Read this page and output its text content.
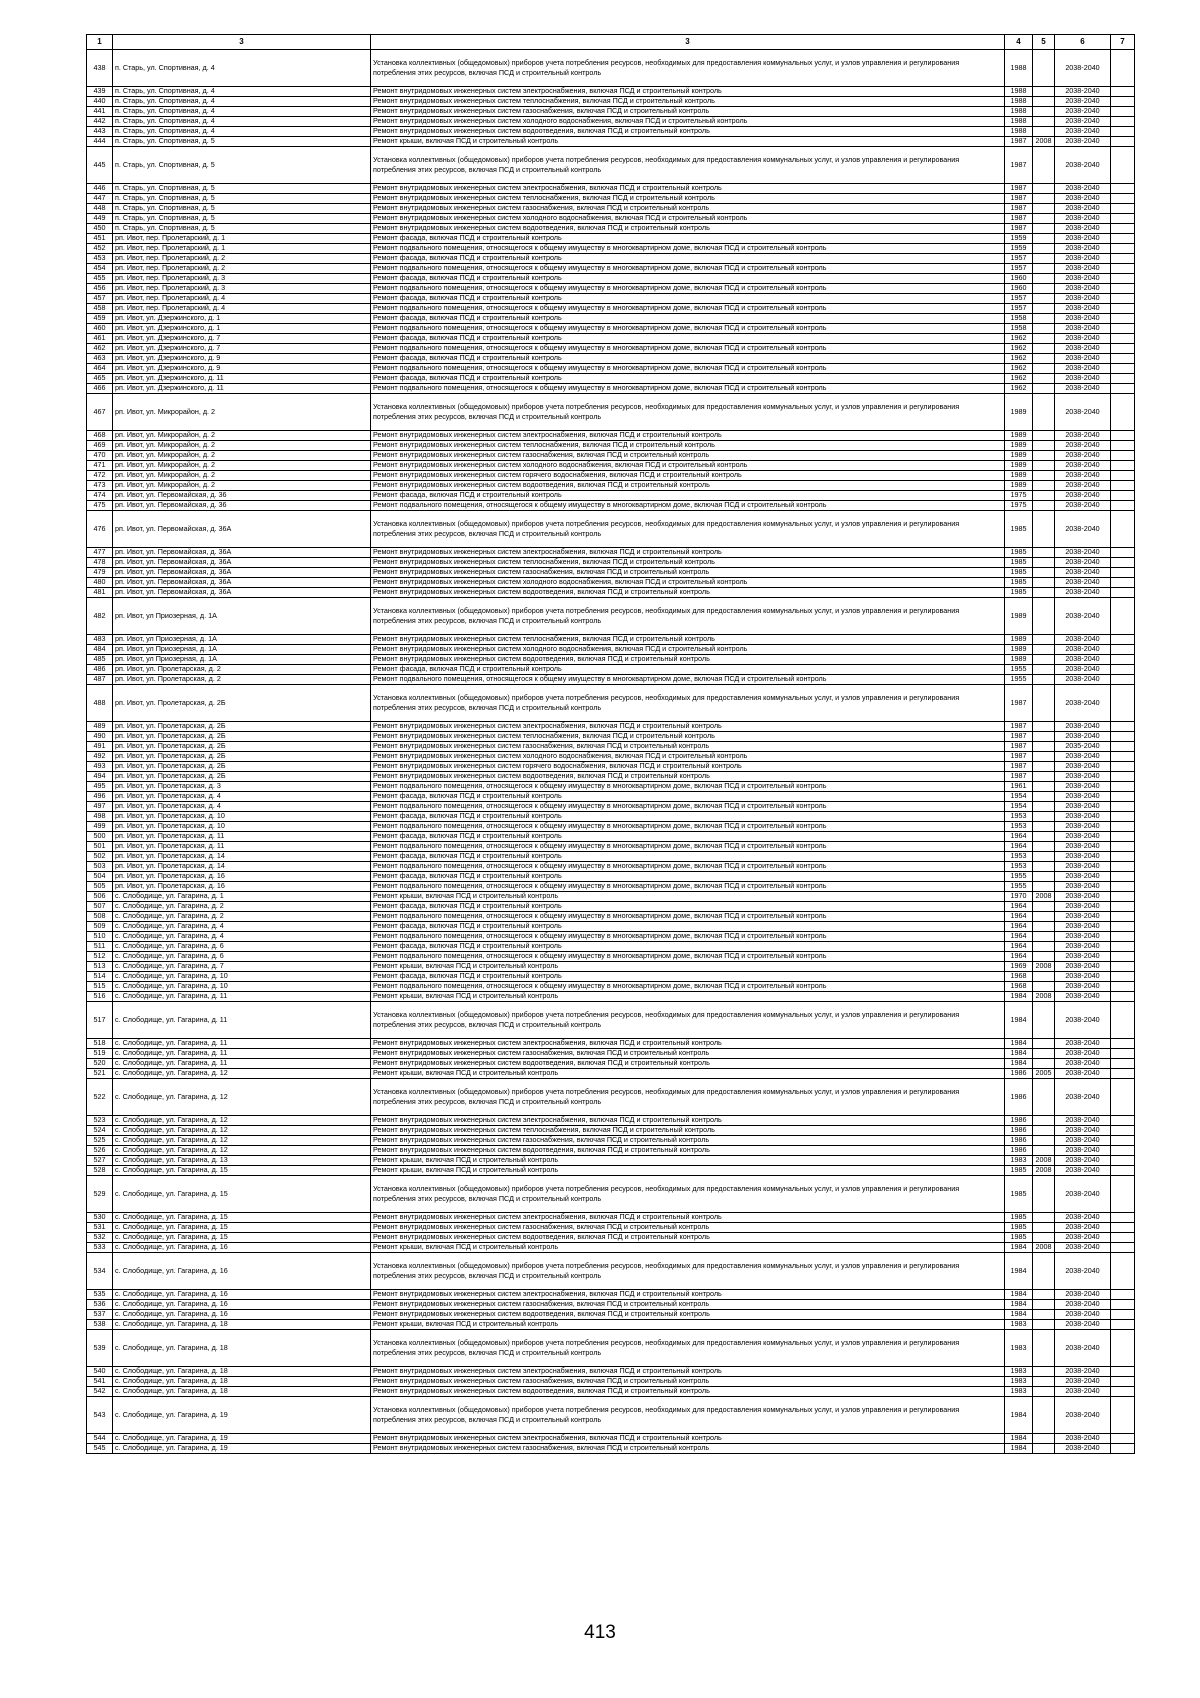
1	3	3	4	5	6	7
438	п. Старь, ул. Спортивная, д. 4	Установка коллективных (общедомовых) приборов учета потребления ресурсов, необходимых для предоставления коммунальных услуг, и узлов управления и регулирования потребления этих ресурсов, включая ПСД и строительный контроль	1988		2038-2040	
439	п. Старь, ул. Спортивная, д. 4	Ремонт внутридомовых инженерных систем электроснабжения, включая ПСД и строительный контроль	1988		2038-2040	
440	п. Старь, ул. Спортивная, д. 4	Ремонт внутридомовых инженерных систем теплоснабжения, включая ПСД и строительный контроль	1988		2038-2040	
441	п. Старь, ул. Спортивная, д. 4	Ремонт внутридомовых инженерных систем газоснабжения, включая ПСД и строительный контроль	1988		2038-2040	
442	п. Старь, ул. Спортивная, д. 4	Ремонт внутридомовых инженерных систем холодного водоснабжения, включая ПСД и строительный контроль	1988		2038-2040	
443	п. Старь, ул. Спортивная, д. 4	Ремонт внутридомовых инженерных систем водоотведения, включая ПСД и строительный контроль	1988		2038-2040	
444	п. Старь, ул. Спортивная, д. 5	Ремонт крыши, включая ПСД и строительный контроль	1987	2008	2038-2040	
445	п. Старь, ул. Спортивная, д. 5	Установка коллективных (общедомовых) приборов учета потребления ресурсов, необходимых для предоставления коммунальных услуг, и узлов управления и регулирования потребления этих ресурсов, включая ПСД и строительный контроль	1987		2038-2040	
446	п. Старь, ул. Спортивная, д. 5	Ремонт внутридомовых инженерных систем электроснабжения, включая ПСД и строительный контроль	1987		2038-2040	
447	п. Старь, ул. Спортивная, д. 5	Ремонт внутридомовых инженерных систем теплоснабжения, включая ПСД и строительный контроль	1987		2038-2040	
448	п. Старь, ул. Спортивная, д. 5	Ремонт внутридомовых инженерных систем газоснабжения, включая ПСД и строительный контроль	1987		2038-2040	
449	п. Старь, ул. Спортивная, д. 5	Ремонт внутридомовых инженерных систем холодного водоснабжения, включая ПСД и строительный контроль	1987		2038-2040	
450	п. Старь, ул. Спортивная, д. 5	Ремонт внутридомовых инженерных систем водоотведения, включая ПСД и строительный контроль	1987		2038-2040	
451	рп. Ивот, пер. Пролетарский, д. 1	Ремонт фасада, включая ПСД и строительный контроль	1959		2038-2040	
452	рп. Ивот, пер. Пролетарский, д. 1	Ремонт подвального помещения, относящегося к общему имуществу в многоквартирном доме, включая ПСД и строительный контроль	1959		2038-2040	
453	рп. Ивот, пер. Пролетарский, д. 2	Ремонт фасада, включая ПСД и строительный контроль	1957		2038-2040	
454	рп. Ивот, пер. Пролетарский, д. 2	Ремонт подвального помещения, относящегося к общему имуществу в многоквартирном доме, включая ПСД и строительный контроль	1957		2038-2040	
455	рп. Ивот, пер. Пролетарский, д. 3	Ремонт фасада, включая ПСД и строительный контроль	1960		2038-2040	
456	рп. Ивот, пер. Пролетарский, д. 3	Ремонт подвального помещения, относящегося к общему имуществу в многоквартирном доме, включая ПСД и строительный контроль	1960		2038-2040	
457	рп. Ивот, пер. Пролетарский, д. 4	Ремонт фасада, включая ПСД и строительный контроль	1957		2038-2040	
458	рп. Ивот, пер. Пролетарский, д. 4	Ремонт подвального помещения, относящегося к общему имуществу в многоквартирном доме, включая ПСД и строительный контроль	1957		2038-2040	
459	рп. Ивот, ул. Дзержинского, д. 1	Ремонт фасада, включая ПСД и строительный контроль	1958		2038-2040	
460	рп. Ивот, ул. Дзержинского, д. 1	Ремонт подвального помещения, относящегося к общему имуществу в многоквартирном доме, включая ПСД и строительный контроль	1958		2038-2040	
461	рп. Ивот, ул. Дзержинского, д. 7	Ремонт фасада, включая ПСД и строительный контроль	1962		2038-2040	
462	рп. Ивот, ул. Дзержинского, д. 7	Ремонт подвального помещения, относящегося к общему имуществу в многоквартирном доме, включая ПСД и строительный контроль	1962		2038-2040	
463	рп. Ивот, ул. Дзержинского, д. 9	Ремонт фасада, включая ПСД и строительный контроль	1962		2038-2040	
464	рп. Ивот, ул. Дзержинского, д. 9	Ремонт подвального помещения, относящегося к общему имуществу в многоквартирном доме, включая ПСД и строительный контроль	1962		2038-2040	
465	рп. Ивот, ул. Дзержинского, д. 11	Ремонт фасада, включая ПСД и строительный контроль	1962		2038-2040	
466	рп. Ивот, ул. Дзержинского, д. 11	Ремонт подвального помещения, относящегося к общему имуществу в многоквартирном доме, включая ПСД и строительный контроль	1962		2038-2040	
467	рп. Ивот, ул. Микрорайон, д. 2	Установка коллективных (общедомовых) приборов учета потребления ресурсов, необходимых для предоставления коммунальных услуг, и узлов управления и регулирования потребления этих ресурсов, включая ПСД и строительный контроль	1989		2038-2040	
468	рп. Ивот, ул. Микрорайон, д. 2	Ремонт внутридомовых инженерных систем электроснабжения, включая ПСД и строительный контроль	1989		2038-2040	
469	рп. Ивот, ул. Микрорайон, д. 2	Ремонт внутридомовых инженерных систем теплоснабжения, включая ПСД и строительный контроль	1989		2038-2040	
470	рп. Ивот, ул. Микрорайон, д. 2	Ремонт внутридомовых инженерных систем газоснабжения, включая ПСД и строительный контроль	1989		2038-2040	
471	рп. Ивот, ул. Микрорайон, д. 2	Ремонт внутридомовых инженерных систем холодного водоснабжения, включая ПСД и строительный контроль	1989		2038-2040	
472	рп. Ивот, ул. Микрорайон, д. 2	Ремонт внутридомовых инженерных систем горячего водоснабжения, включая ПСД и строительный контроль	1989		2038-2040	
473	рп. Ивот, ул. Микрорайон, д. 2	Ремонт внутридомовых инженерных систем водоотведения, включая ПСД и строительный контроль	1989		2038-2040	
474	рп. Ивот, ул. Первомайская, д. 36	Ремонт фасада, включая ПСД и строительный контроль	1975		2038-2040	
475	рп. Ивот, ул. Первомайская, д. 36	Ремонт подвального помещения, относящегося к общему имуществу в многоквартирном доме, включая ПСД и строительный контроль	1975		2038-2040	
476	рп. Ивот, ул. Первомайская, д. 36А	Установка коллективных (общедомовых) приборов учета потребления ресурсов, необходимых для предоставления коммунальных услуг, и узлов управления и регулирования потребления этих ресурсов, включая ПСД и строительный контроль	1985		2038-2040	
477	рп. Ивот, ул. Первомайская, д. 36А	Ремонт внутридомовых инженерных систем электроснабжения, включая ПСД и строительный контроль	1985		2038-2040	
478	рп. Ивот, ул. Первомайская, д. 36А	Ремонт внутридомовых инженерных систем теплоснабжения, включая ПСД и строительный контроль	1985		2038-2040	
479	рп. Ивот, ул. Первомайская, д. 36А	Ремонт внутридомовых инженерных систем газоснабжения, включая ПСД и строительный контроль	1985		2038-2040	
480	рп. Ивот, ул. Первомайская, д. 36А	Ремонт внутридомовых инженерных систем холодного водоснабжения, включая ПСД и строительный контроль	1985		2038-2040	
481	рп. Ивот, ул. Первомайская, д. 36А	Ремонт внутридомовых инженерных систем водоотведения, включая ПСД и строительный контроль	1985		2038-2040	
482	рп. Ивот, ул Приозерная, д. 1А	Установка коллективных (общедомовых) приборов учета потребления ресурсов, необходимых для предоставления коммунальных услуг, и узлов управления и регулирования потребления этих ресурсов, включая ПСД и строительный контроль	1989		2038-2040	
483	рп. Ивот, ул Приозерная, д. 1А	Ремонт внутридомовых инженерных систем теплоснабжения, включая ПСД и строительный контроль	1989		2038-2040	
484	рп. Ивот, ул Приозерная, д. 1А	Ремонт внутридомовых инженерных систем холодного водоснабжения, включая ПСД и строительный контроль	1989		2038-2040	
485	рп. Ивот, ул Приозерная, д. 1А	Ремонт внутридомовых инженерных систем водоотведения, включая ПСД и строительный контроль	1989		2038-2040	
486	рп. Ивот, ул. Пролетарская, д. 2	Ремонт фасада, включая ПСД и строительный контроль	1955		2038-2040	
487	рп. Ивот, ул. Пролетарская, д. 2	Ремонт подвального помещения, относящегося к общему имуществу в многоквартирном доме, включая ПСД и строительный контроль	1955		2038-2040	
488	рп. Ивот, ул. Пролетарская, д. 2Б	Установка коллективных (общедомовых) приборов учета потребления ресурсов, необходимых для предоставления коммунальных услуг, и узлов управления и регулирования потребления этих ресурсов, включая ПСД и строительный контроль	1987		2038-2040	
489	рп. Ивот, ул. Пролетарская, д. 2Б	Ремонт внутридомовых инженерных систем электроснабжения, включая ПСД и строительный контроль	1987		2038-2040	
490	рп. Ивот, ул. Пролетарская, д. 2Б	Ремонт внутридомовых инженерных систем теплоснабжения, включая ПСД и строительный контроль	1987		2038-2040	
491	рп. Ивот, ул. Пролетарская, д. 2Б	Ремонт внутридомовых инженерных систем газоснабжения, включая ПСД и строительный контроль	1987		2035-2040	
492	рп. Ивот, ул. Пролетарская, д. 2Б	Ремонт внутридомовых инженерных систем холодного водоснабжения, включая ПСД и строительный контроль	1987		2038-2040	
493	рп. Ивот, ул. Пролетарская, д. 2Б	Ремонт внутридомовых инженерных систем горячего водоснабжения, включая ПСД и строительный контроль	1987		2038-2040	
494	рп. Ивот, ул. Пролетарская, д. 2Б	Ремонт внутридомовых инженерных систем водоотведения, включая ПСД и строительный контроль	1987		2038-2040	
495	рп. Ивот, ул. Пролетарская, д. 3	Ремонт подвального помещения, относящегося к общему имуществу в многоквартирном доме, включая ПСД и строительный контроль	1961		2038-2040	
496	рп. Ивот, ул. Пролетарская, д. 4	Ремонт фасада, включая ПСД и строительный контроль	1954		2038-2040	
497	рп. Ивот, ул. Пролетарская, д. 4	Ремонт подвального помещения, относящегося к общему имуществу в многоквартирном доме, включая ПСД и строительный контроль	1954		2038-2040	
498	рп. Ивот, ул. Пролетарская, д. 10	Ремонт фасада, включая ПСД и строительный контроль	1953		2038-2040	
499	рп. Ивот, ул. Пролетарская, д. 10	Ремонт подвального помещения, относящегося к общему имуществу в многоквартирном доме, включая ПСД и строительный контроль	1953		2038-2040	
500	рп. Ивот, ул. Пролетарская, д. 11	Ремонт фасада, включая ПСД и строительный контроль	1964		2038-2040	
501	рп. Ивот, ул. Пролетарская, д. 11	Ремонт подвального помещения, относящегося к общему имуществу в многоквартирном доме, включая ПСД и строительный контроль	1964		2038-2040	
502	рп. Ивот, ул. Пролетарская, д. 14	Ремонт фасада, включая ПСД и строительный контроль	1953		2038-2040	
503	рп. Ивот, ул. Пролетарская, д. 14	Ремонт подвального помещения, относящегося к общему имуществу в многоквартирном доме, включая ПСД и строительный контроль	1953		2038-2040	
504	рп. Ивот, ул. Пролетарская, д. 16	Ремонт фасада, включая ПСД и строительный контроль	1955		2038-2040	
505	рп. Ивот, ул. Пролетарская, д. 16	Ремонт подвального помещения, относящегося к общему имуществу в многоквартирном доме, включая ПСД и строительный контроль	1955		2038-2040	
506	с. Слободище, ул. Гагарина, д. 1	Ремонт крыши, включая ПСД и строительный контроль	1970	2008	2038-2040	
507	с. Слободище, ул. Гагарина, д. 2	Ремонт фасада, включая ПСД и строительный контроль	1964		2038-2040	
508	с. Слободище, ул. Гагарина, д. 2	Ремонт подвального помещения, относящегося к общему имуществу в многоквартирном доме, включая ПСД и строительный контроль	1964		2038-2040	
509	с. Слободище, ул. Гагарина, д. 4	Ремонт фасада, включая ПСД и строительный контроль	1964		2038-2040	
510	с. Слободище, ул. Гагарина, д. 4	Ремонт подвального помещения, относящегося к общему имуществу в многоквартирном доме, включая ПСД и строительный контроль	1964		2038-2040	
511	с. Слободище, ул. Гагарина, д. 6	Ремонт фасада, включая ПСД и строительный контроль	1964		2038-2040	
512	с. Слободище, ул. Гагарина, д. 6	Ремонт подвального помещения, относящегося к общему имуществу в многоквартирном доме, включая ПСД и строительный контроль	1964		2038-2040	
513	с. Слободище, ул. Гагарина, д. 7	Ремонт крыши, включая ПСД и строительный контроль	1969	2008	2038-2040	
514	с. Слободище, ул. Гагарина, д. 10	Ремонт фасада, включая ПСД и строительный контроль	1968		2038-2040	
515	с. Слободище, ул. Гагарина, д. 10	Ремонт подвального помещения, относящегося к общему имуществу в многоквартирном доме, включая ПСД и строительный контроль	1968		2038-2040	
516	с. Слободище, ул. Гагарина, д. 11	Ремонт крыши, включая ПСД и строительный контроль	1984	2008	2038-2040	
517	с. Слободище, ул. Гагарина, д. 11	Установка коллективных (общедомовых) приборов учета потребления ресурсов, необходимых для предоставления коммунальных услуг, и узлов управления и регулирования потребления этих ресурсов, включая ПСД и строительный контроль	1984		2038-2040	
518	с. Слободище, ул. Гагарина, д. 11	Ремонт внутридомовых инженерных систем электроснабжения, включая ПСД и строительный контроль	1984		2038-2040	
519	с. Слободище, ул. Гагарина, д. 11	Ремонт внутридомовых инженерных систем газоснабжения, включая ПСД и строительный контроль	1984		2038-2040	
520	с. Слободище, ул. Гагарина, д. 11	Ремонт внутридомовых инженерных систем водоотведения, включая ПСД и строительный контроль	1984		2038-2040	
521	с. Слободище, ул. Гагарина, д. 12	Ремонт крыши, включая ПСД и строительный контроль	1986	2005	2038-2040	
522	с. Слободище, ул. Гагарина, д. 12	Установка коллективных (общедомовых) приборов учета потребления ресурсов, необходимых для предоставления коммунальных услуг, и узлов управления и регулирования потребления этих ресурсов, включая ПСД и строительный контроль	1986		2038-2040	
523	с. Слободище, ул. Гагарина, д. 12	Ремонт внутридомовых инженерных систем электроснабжения, включая ПСД и строительный контроль	1986		2038-2040	
524	с. Слободище, ул. Гагарина, д. 12	Ремонт внутридомовых инженерных систем теплоснабжения, включая ПСД и строительный контроль	1986		2038-2040	
525	с. Слободище, ул. Гагарина, д. 12	Ремонт внутридомовых инженерных систем газоснабжения, включая ПСД и строительный контроль	1986		2038-2040	
526	с. Слободище, ул. Гагарина, д. 12	Ремонт внутридомовых инженерных систем водоотведения, включая ПСД и строительный контроль	1986		2038-2040	
527	с. Слободище, ул. Гагарина, д. 13	Ремонт крыши, включая ПСД и строительный контроль	1983	2008	2038-2040	
528	с. Слободище, ул. Гагарина, д. 15	Ремонт крыши, включая ПСД и строительный контроль	1985	2008	2038-2040	
529	с. Слободище, ул. Гагарина, д. 15	Установка коллективных (общедомовых) приборов учета потребления ресурсов, необходимых для предоставления коммунальных услуг, и узлов управления и регулирования потребления этих ресурсов, включая ПСД и строительный контроль	1985		2038-2040	
530	с. Слободище, ул. Гагарина, д. 15	Ремонт внутридомовых инженерных систем электроснабжения, включая ПСД и строительный контроль	1985		2038-2040	
531	с. Слободище, ул. Гагарина, д. 15	Ремонт внутридомовых инженерных систем газоснабжения, включая ПСД и строительный контроль	1985		2038-2040	
532	с. Слободище, ул. Гагарина, д. 15	Ремонт внутридомовых инженерных систем водоотведения, включая ПСД и строительный контроль	1985		2038-2040	
533	с. Слободище, ул. Гагарина, д. 16	Ремонт крыши, включая ПСД и строительный контроль	1984	2008	2038-2040	
534	с. Слободище, ул. Гагарина, д. 16	Установка коллективных (общедомовых) приборов учета потребления ресурсов, необходимых для предоставления коммунальных услуг, и узлов управления и регулирования потребления этих ресурсов, включая ПСД и строительный контроль	1984		2038-2040	
535	с. Слободище, ул. Гагарина, д. 16	Ремонт внутридомовых инженерных систем электроснабжения, включая ПСД и строительный контроль	1984		2038-2040	
536	с. Слободище, ул. Гагарина, д. 16	Ремонт внутридомовых инженерных систем газоснабжения, включая ПСД и строительный контроль	1984		2038-2040	
537	с. Слободище, ул. Гагарина, д. 16	Ремонт внутридомовых инженерных систем водоотведения, включая ПСД и строительный контроль	1984		2038-2040	
538	с. Слободище, ул. Гагарина, д. 18	Ремонт крыши, включая ПСД и строительный контроль	1983		2038-2040	
539	с. Слободище, ул. Гагарина, д. 18	Установка коллективных (общедомовых) приборов учета потребления ресурсов, необходимых для предоставления коммунальных услуг, и узлов управления и регулирования потребления этих ресурсов, включая ПСД и строительный контроль	1983		2038-2040	
540	с. Слободище, ул. Гагарина, д. 18	Ремонт внутридомовых инженерных систем электроснабжения, включая ПСД и строительный контроль	1983		2038-2040	
541	с. Слободище, ул. Гагарина, д. 18	Ремонт внутридомовых инженерных систем газоснабжения, включая ПСД и строительный контроль	1983		2038-2040	
542	с. Слободище, ул. Гагарина, д. 18	Ремонт внутридомовых инженерных систем водоотведения, включая ПСД и строительный контроль	1983		2038-2040	
543	с. Слободище, ул. Гагарина, д. 19	Установка коллективных (общедомовых) приборов учета потребления ресурсов, необходимых для предоставления коммунальных услуг, и узлов управления и регулирования потребления этих ресурсов, включая ПСД и строительный контроль	1984		2038-2040	
544	с. Слободище, ул. Гагарина, д. 19	Ремонт внутридомовых инженерных систем электроснабжения, включая ПСД и строительный контроль	1984		2038-2040	
545	с. Слободище, ул. Гагарина, д. 19	Ремонт внутридомовых инженерных систем газоснабжения, включая ПСД и строительный контроль	1984		2038-2040	
413
